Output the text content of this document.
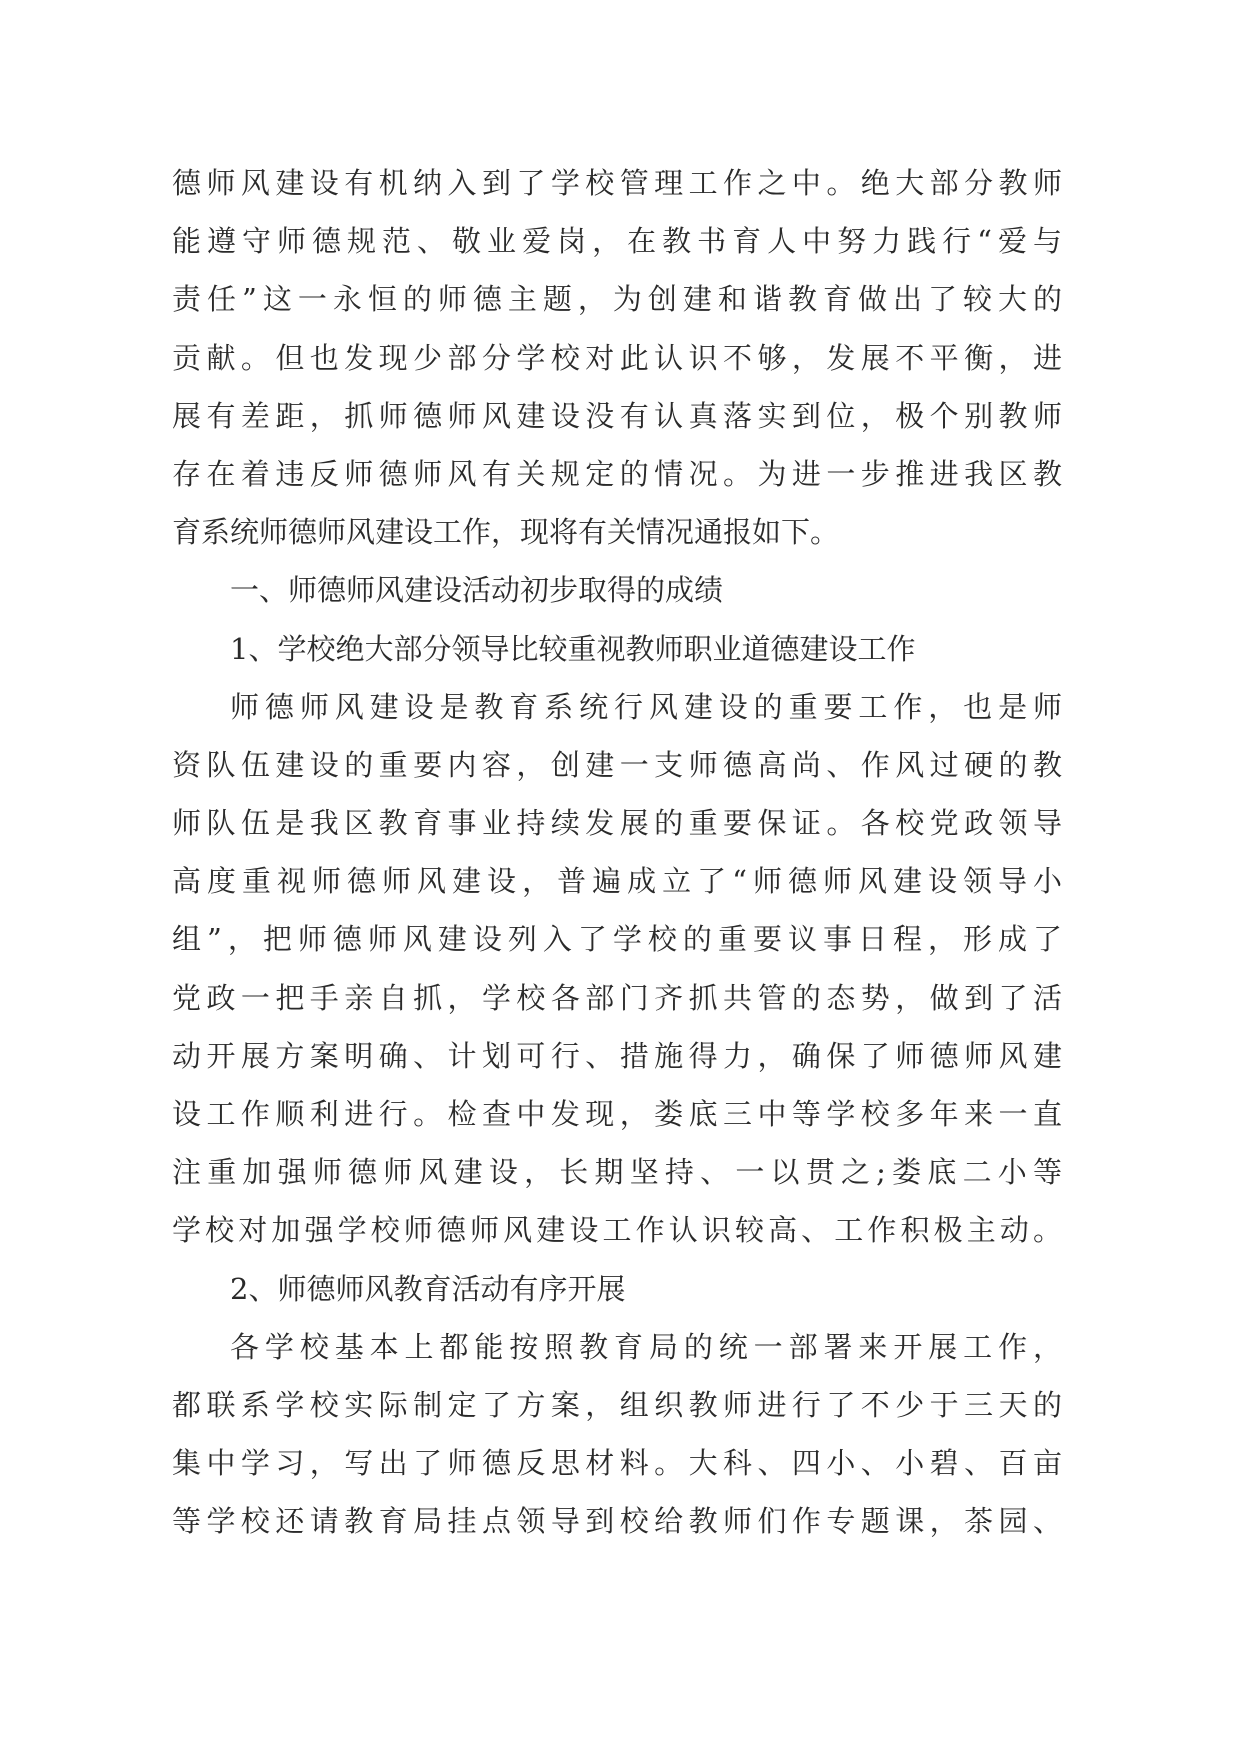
德师风建设有机纳入到了学校管理工作之中。绝大部分教师
能遵守师德规范、敬业爱岗，在教书育人中努力践行“爱与
责任”这一永恒的师德主题，为创建和谐教育做出了较大的
贡献。但也发现少部分学校对此认识不够，发展不平衡，进
展有差距，抓师德师风建设没有认真落实到位，极个别教师
存在着违反师德师风有关规定的情况。为进一步推进我区教
育系统师德师风建设工作，现将有关情况通报如下。
一、师德师风建设活动初步取得的成绩
1、学校绝大部分领导比较重视教师职业道德建设工作
师德师风建设是教育系统行风建设的重要工作，也是师
资队伍建设的重要内容，创建一支师德高尚、作风过硬的教
师队伍是我区教育事业持续发展的重要保证。各校党政领导
高度重视师德师风建设，普遍成立了“师德师风建设领导小
组”，把师德师风建设列入了学校的重要议事日程，形成了
党政一把手亲自抓，学校各部门齐抓共管的态势，做到了活
动开展方案明确、计划可行、措施得力，确保了师德师风建
设工作顺利进行。检查中发现，娄底三中等学校多年来一直
注重加强师德师风建设，长期坚持、一以贯之;娄底二小等
学校对加强学校师德师风建设工作认识较高、工作积极主动。
2、师德师风教育活动有序开展
各学校基本上都能按照教育局的统一部署来开展工作，
都联系学校实际制定了方案，组织教师进行了不少于三天的
集中学习，写出了师德反思材料。大科、四小、小碧、百亩
等学校还请教育局挂点领导到校给教师们作专题课，茶园、
